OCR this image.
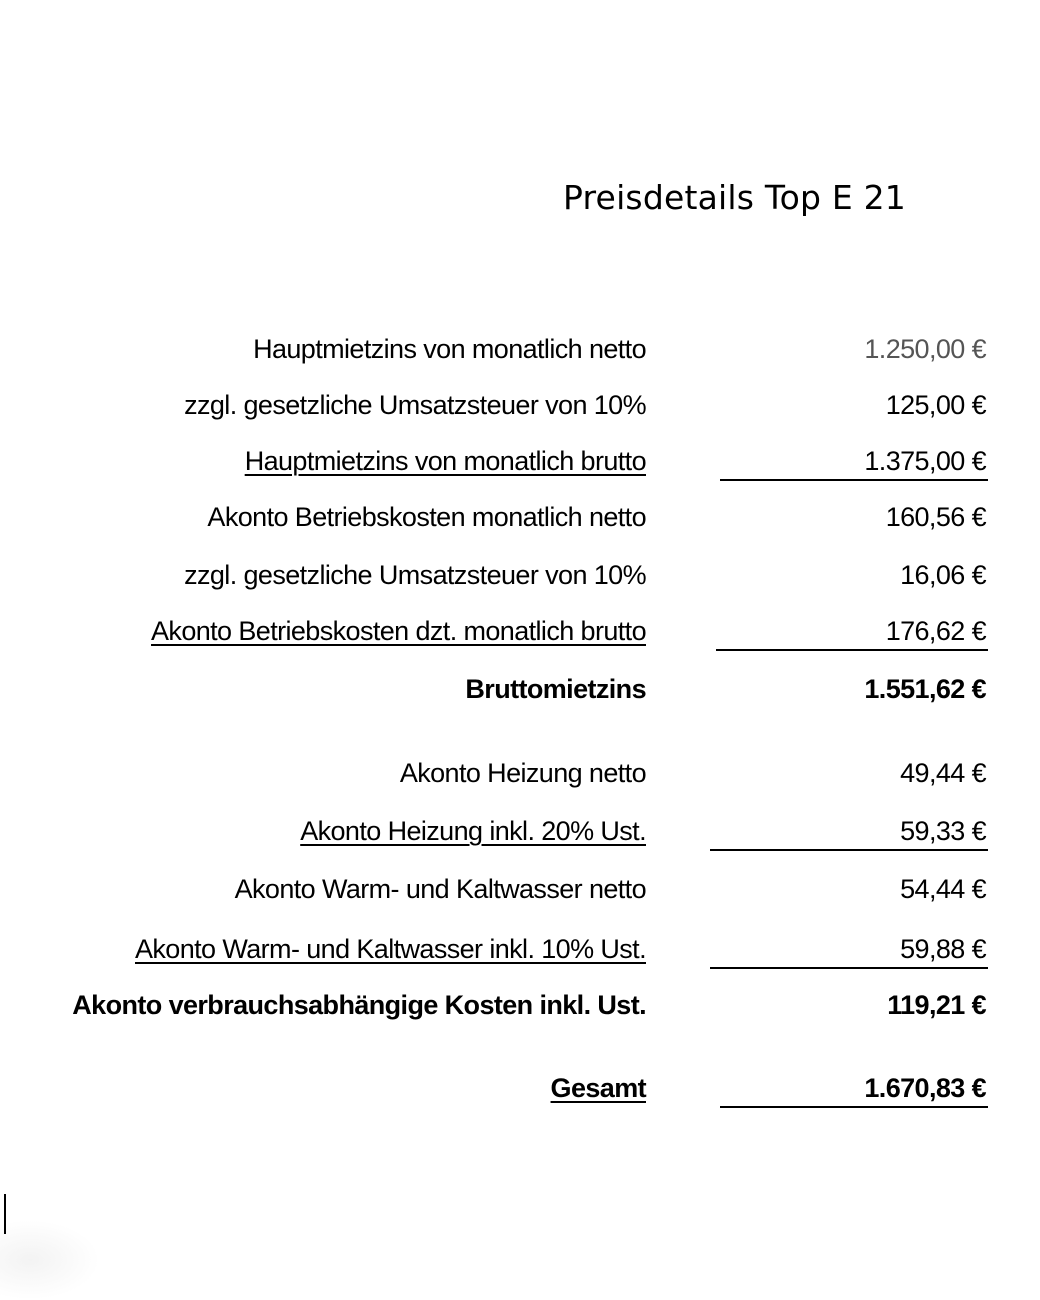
Preisdetails Top E 21
Hauptmietzins von monatlich netto	1.250,00 €
zzgl. gesetzliche Umsatzsteuer von 10%	125,00 €
Hauptmietzins von monatlich brutto	1.375,00 €
Akonto Betriebskosten monatlich netto	160,56 €
zzgl. gesetzliche Umsatzsteuer von 10%	16,06 €
Akonto Betriebskosten dzt. monatlich brutto	176,62 €
Bruttomietzins	1.551,62 €
Akonto Heizung netto	49,44 €
Akonto Heizung inkl. 20% Ust.	59,33 €
Akonto Warm- und Kaltwasser netto	54,44 €
Akonto Warm- und Kaltwasser inkl. 10% Ust.	59,88 €
Akonto verbrauchsabhängige Kosten inkl. Ust.	119,21 €
Gesamt	1.670,83 €
